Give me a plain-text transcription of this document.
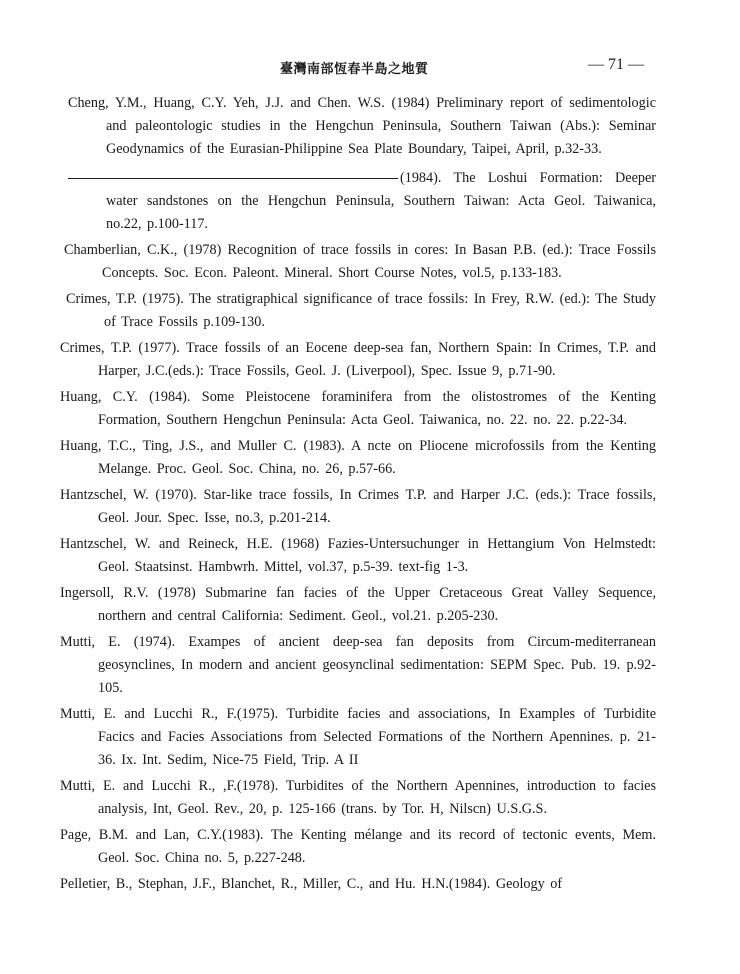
臺灣南部恆春半島之地質	— 71 —

Cheng, Y.M., Huang, C.Y. Yeh, J.J. and Chen. W.S. (1984) Preliminary report of sedimentologic and paleontologic studies in the Hengchun Peninsula, Southern Taiwan (Abs.): Seminar Geodynamics of the Eurasian-Philippine Sea Plate Boundary, Taipei, April, p.32-33.

(1984). The Loshui Formation: Deeper water sandstones on the Hengchun Peninsula, Southern Taiwan: Acta Geol. Taiwanica, no.22, p.100-117.

Chamberlian, C.K., (1978) Recognition of trace fossils in cores: In Basan P.B. (ed.): Trace Fossils Concepts. Soc. Econ. Paleont. Mineral. Short Course Notes, vol.5, p.133-183.

Crimes, T.P. (1975). The stratigraphical significance of trace fossils: In Frey, R.W. (ed.): The Study of Trace Fossils p.109-130.

Crimes, T.P. (1977). Trace fossils of an Eocene deep-sea fan, Northern Spain: In Crimes, T.P. and Harper, J.C.(eds.): Trace Fossils, Geol. J. (Liverpool), Spec. Issue 9, p.71-90.

Huang, C.Y. (1984). Some Pleistocene foraminifera from the olistostromes of the Kenting Formation, Southern Hengchun Peninsula: Acta Geol. Taiwanica, no. 22. no. 22. p.22-34.

Huang, T.C., Ting, J.S., and Muller C. (1983). A ncte on Pliocene microfossils from the Kenting Melange. Proc. Geol. Soc. China, no. 26, p.57-66.

Hantzschel, W. (1970). Star-like trace fossils, In Crimes T.P. and Harper J.C. (eds.): Trace fossils, Geol. Jour. Spec. Isse, no.3, p.201-214.

Hantzschel, W. and Reineck, H.E. (1968) Fazies-Untersuchunger in Hettangium Von Helmstedt: Geol. Staatsinst. Hambwrh. Mittel, vol.37, p.5-39. text-fig 1-3.

Ingersoll, R.V. (1978) Submarine fan facies of the Upper Cretaceous Great Valley Sequence, northern and central California: Sediment. Geol., vol.21. p.205-230.

Mutti, E. (1974). Exampes of ancient deep-sea fan deposits from Circum-mediterranean geosynclines, In modern and ancient geosynclinal sedimentation: SEPM Spec. Pub. 19. p.92-105.

Mutti, E. and Lucchi R., F.(1975). Turbidite facies and associations, In Examples of Turbidite Facics and Facies Associations from Selected Formations of the Northern Apennines. p. 21-36. Ix. Int. Sedim, Nice-75 Field, Trip. A II

Mutti, E. and Lucchi R., ,F.(1978). Turbidites of the Northern Apennines, introduction to facies analysis, Int, Geol. Rev., 20, p. 125-166 (trans. by Tor. H, Nilscn) U.S.G.S.

Page, B.M. and Lan, C.Y.(1983). The Kenting mélange and its record of tectonic events, Mem. Geol. Soc. China no. 5, p.227-248.

Pelletier, B., Stephan, J.F., Blanchet, R., Miller, C., and Hu. H.N.(1984). Geology of
